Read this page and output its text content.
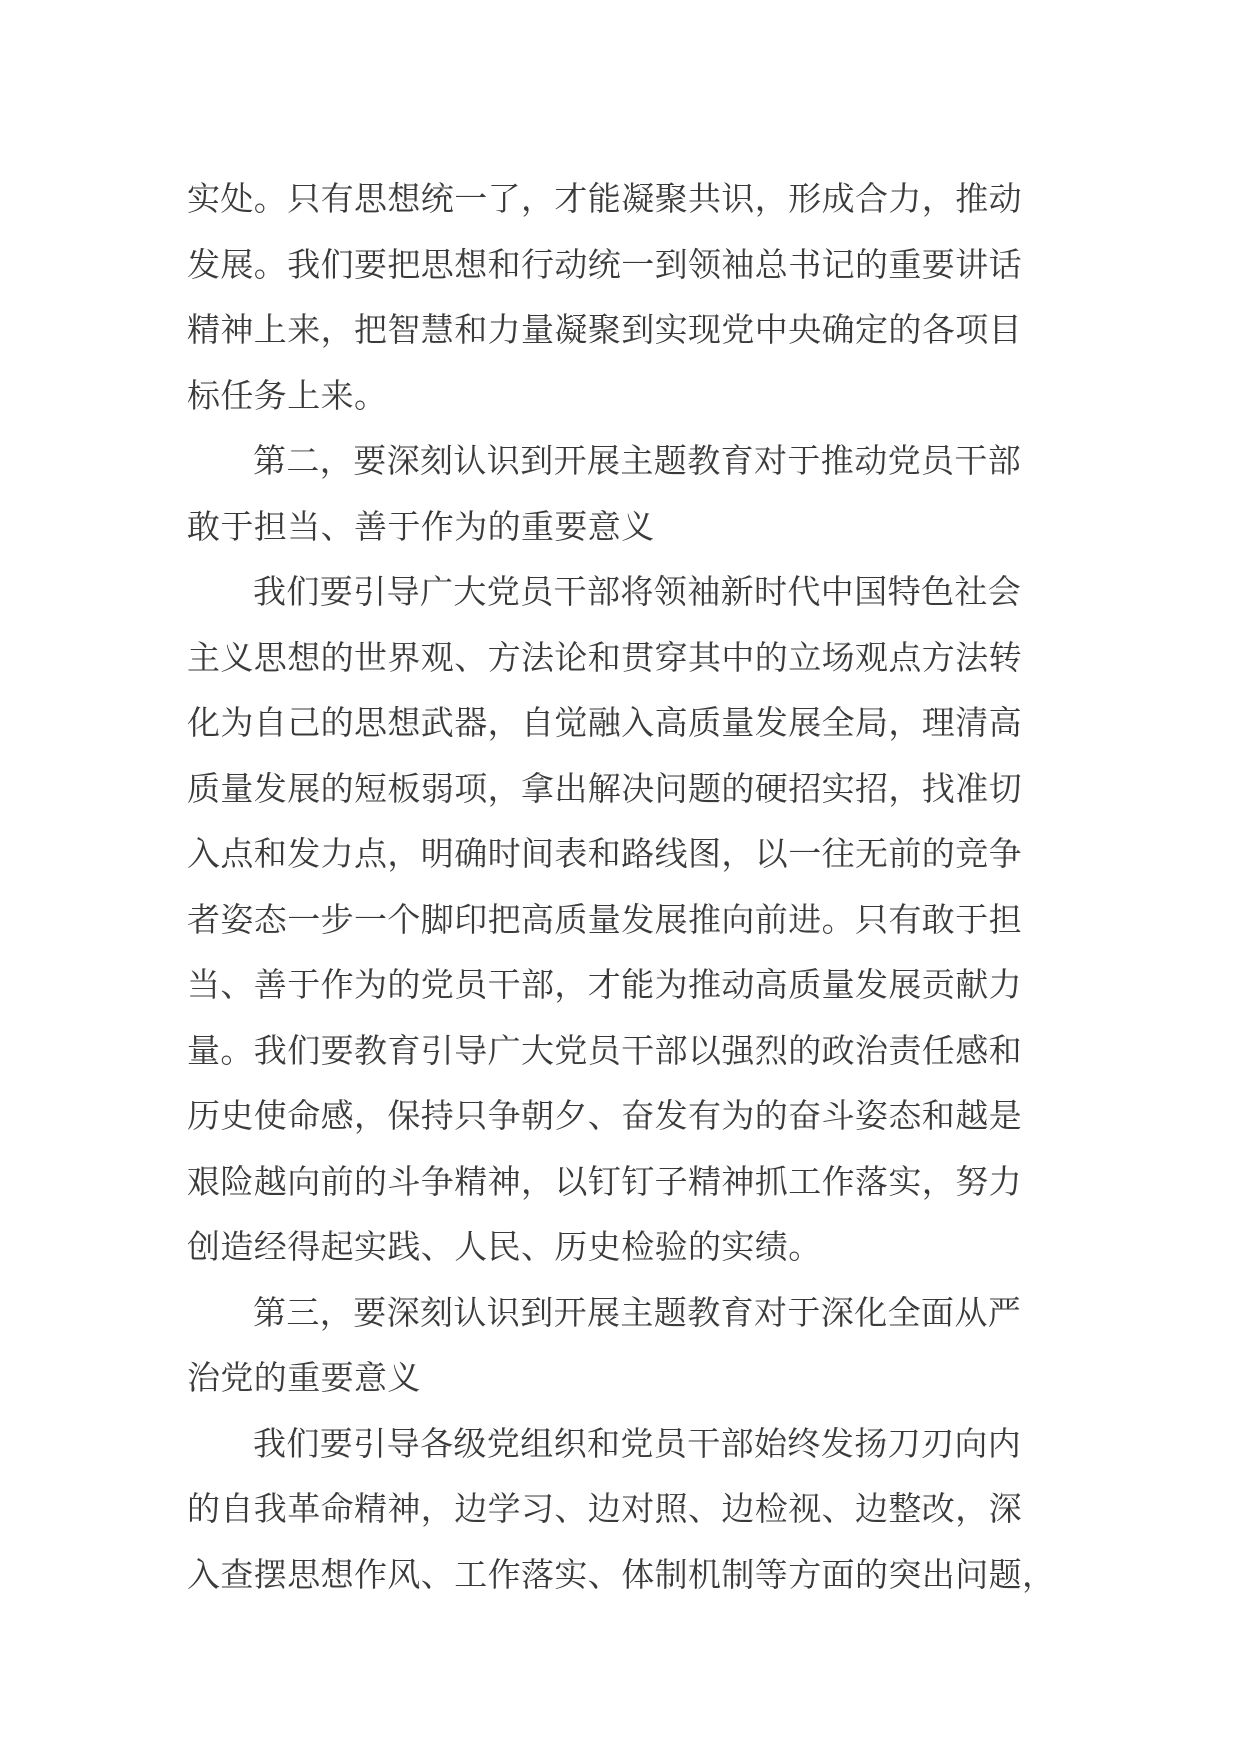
实处。只有思想统一了，才能凝聚共识，形成合力，推动
发展。我们要把思想和行动统一到领袖总书记的重要讲话
精神上来，把智慧和力量凝聚到实现党中央确定的各项目
标任务上来。
第二，要深刻认识到开展主题教育对于推动党员干部
敢于担当、善于作为的重要意义
我们要引导广大党员干部将领袖新时代中国特色社会
主义思想的世界观、方法论和贯穿其中的立场观点方法转
化为自己的思想武器，自觉融入高质量发展全局，理清高
质量发展的短板弱项，拿出解决问题的硬招实招，找准切
入点和发力点，明确时间表和路线图，以一往无前的竞争
者姿态一步一个脚印把高质量发展推向前进。只有敢于担
当、善于作为的党员干部，才能为推动高质量发展贡献力
量。我们要教育引导广大党员干部以强烈的政治责任感和
历史使命感，保持只争朝夕、奋发有为的奋斗姿态和越是
艰险越向前的斗争精神，以钉钉子精神抓工作落实，努力
创造经得起实践、人民、历史检验的实绩。
第三，要深刻认识到开展主题教育对于深化全面从严
治党的重要意义
我们要引导各级党组织和党员干部始终发扬刀刃向内
的自我革命精神，边学习、边对照、边检视、边整改，深
入查摆思想作风、工作落实、体制机制等方面的突出问题，
